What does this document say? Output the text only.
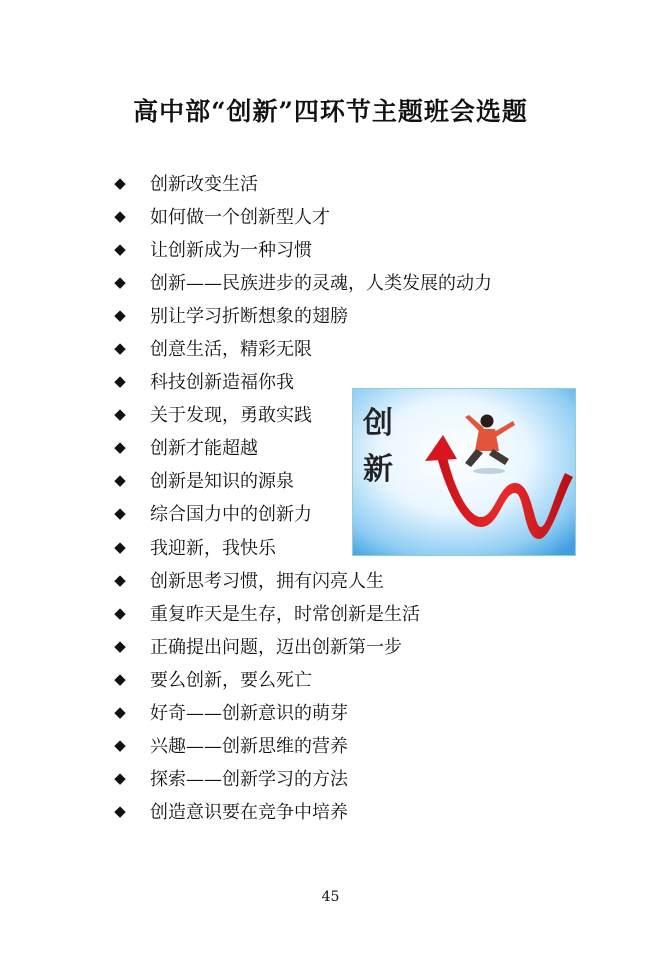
高中部“创新”四环节主题班会选题
◆ 创新改变生活
◆ 如何做一个创新型人才
◆ 让创新成为一种习惯
◆ 创新——民族进步的灵魂，人类发展的动力
◆ 别让学习折断想象的翅膀
◆ 创意生活，精彩无限
◆ 科技创新造福你我
◆ 关于发现，勇敢实践
◆ 创新才能超越
◆ 创新是知识的源泉
◆ 综合国力中的创新力
◆ 我迎新，我快乐
◆ 创新思考习惯，拥有闪亮人生
◆ 重复昨天是生存，时常创新是生活
◆ 正确提出问题，迈出创新第一步
◆ 要么创新，要么死亡
◆ 好奇——创新意识的萌芽
◆ 兴趣——创新思维的营养
◆ 探索——创新学习的方法
◆ 创造意识要在竞争中培养
创
新
45
